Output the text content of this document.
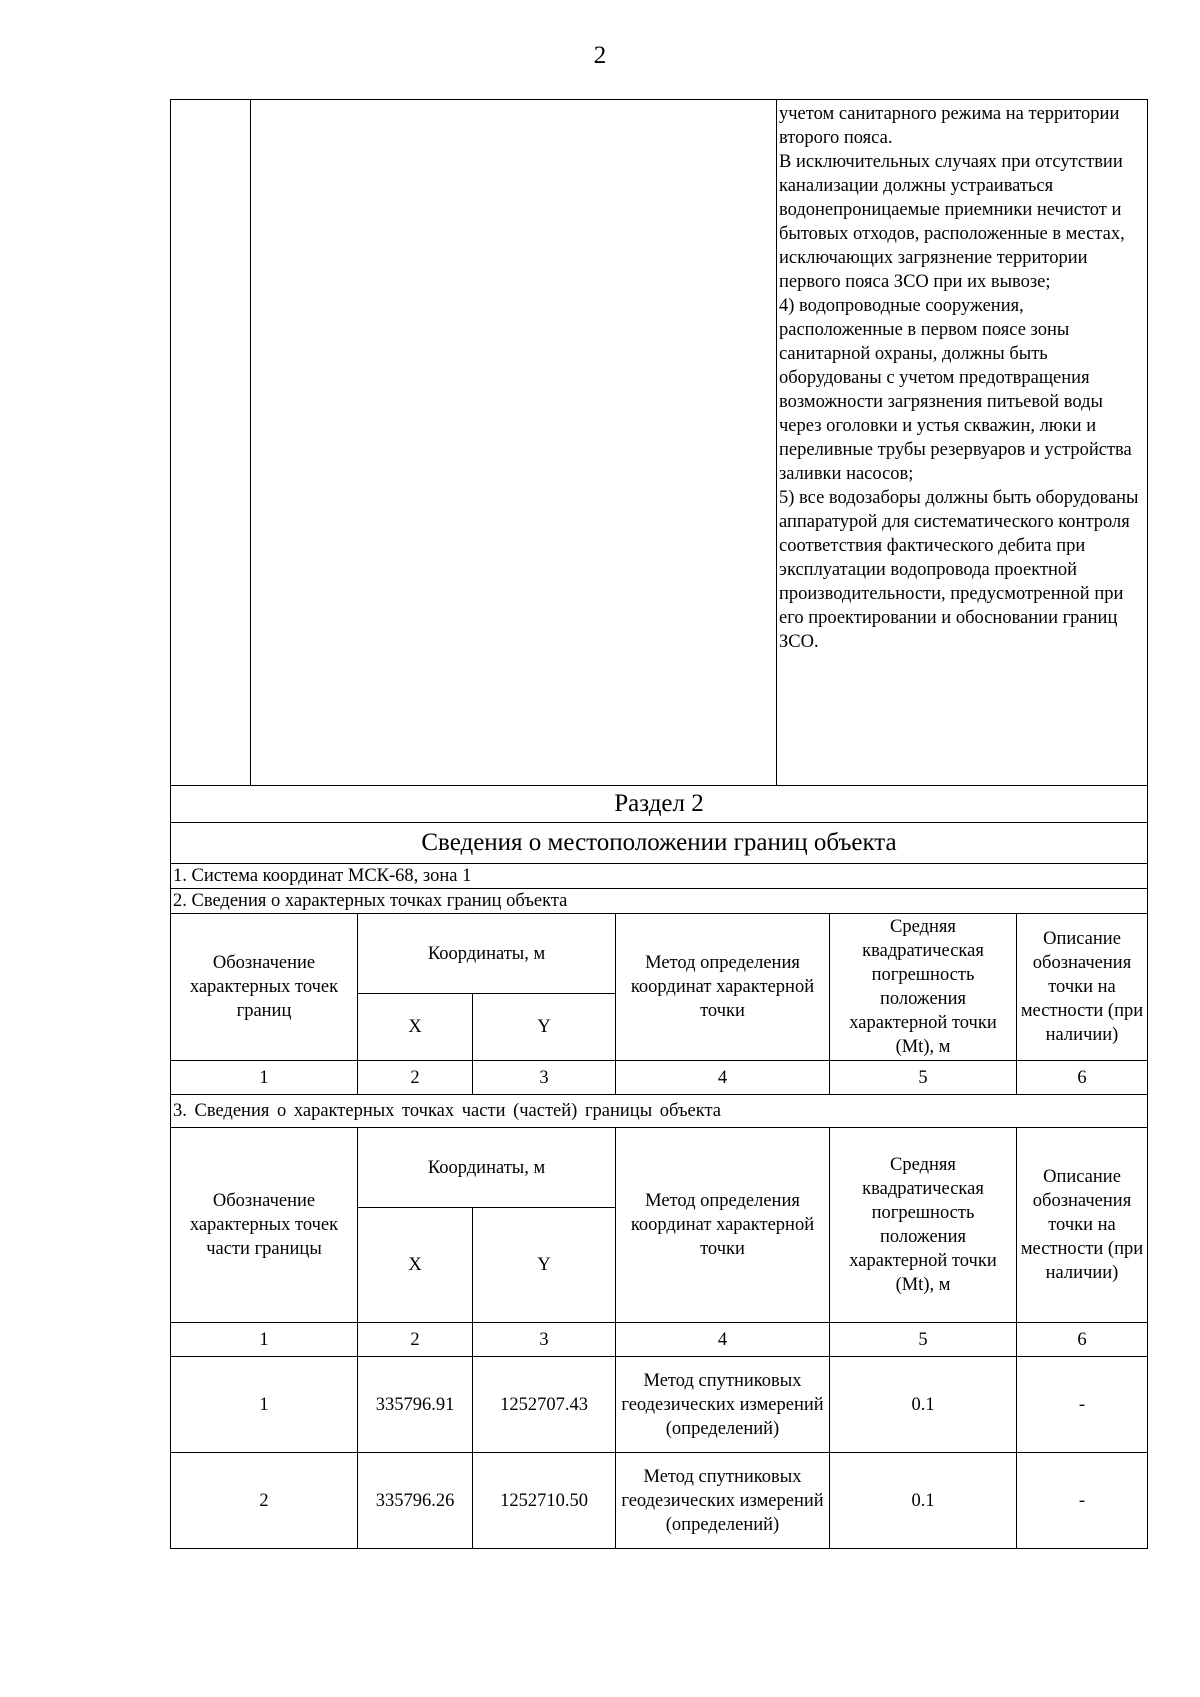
2

учетом санитарного режима на территории второго пояса.
В исключительных случаях при отсутствии канализации должны устраиваться водонепроницаемые приемники нечистот и бытовых отходов, расположенные в местах, исключающих загрязнение территории первого пояса ЗСО при их вывозе;
4) водопроводные сооружения, расположенные в первом поясе зоны санитарной охраны, должны быть оборудованы с учетом предотвращения возможности загрязнения питьевой воды через оголовки и устья скважин, люки и переливные трубы резервуаров и устройства заливки насосов;
5) все водозаборы должны быть оборудованы аппаратурой для систематического контроля соответствия фактического дебита при эксплуатации водопровода проектной производительности, предусмотренной при его проектировании и обосновании границ ЗСО.
Раздел 2					
Сведения о местоположении границ объекта					
1. Система координат МСК-68, зона 1					
2. Сведения о характерных точках границ объекта					
Обозначение характерных точек границ	Координаты, м		Метод определения координат характерной точки	Средняя квадратическая погрешность положения характерной точки (Mt), м	Описание обозначения точки на местности (при наличии)
	X	Y			
1	2	3	4	5	6
3. Сведения о характерных точках части (частей) границы объекта					
Обозначение характерных точек части границы	Координаты, м		Метод определения координат характерной точки	Средняя квадратическая погрешность положения характерной точки (Mt), м	Описание обозначения точки на местности (при наличии)
	X	Y			
1	2	3	4	5	6
1	335796.91	1252707.43	Метод спутниковых геодезических измерений (определений)	0.1	-
2	335796.26	1252710.50	Метод спутниковых геодезических измерений (определений)	0.1	-
